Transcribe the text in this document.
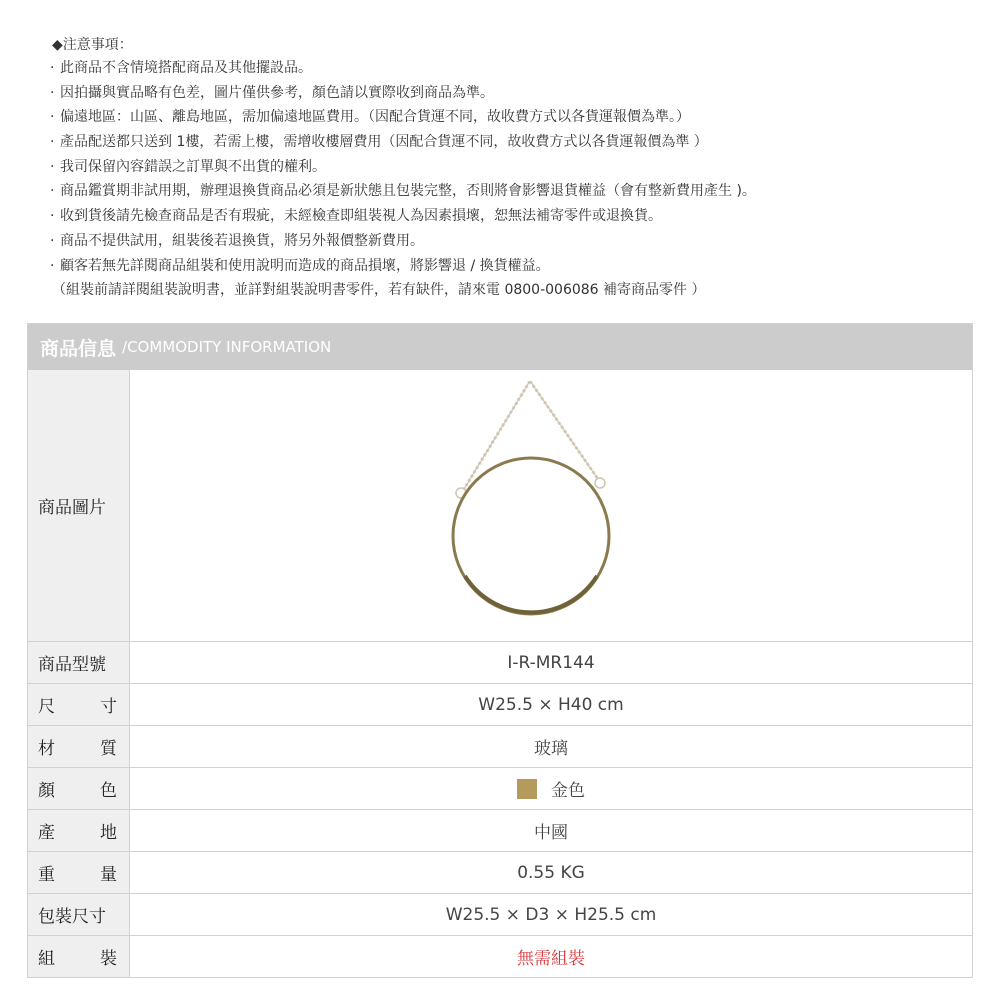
◆注意事項：
· 此商品不含情境搭配商品及其他擺設品。
· 因拍攝與實品略有色差，圖片僅供參考，顏色請以實際收到商品為準。
· 偏遠地區：山區、離島地區，需加偏遠地區費用。（因配合貨運不同，故收費方式以各貨運報價為準。）
· 產品配送都只送到 1樓，若需上樓，需增收樓層費用（因配合貨運不同，故收費方式以各貨運報價為準 ）
· 我司保留內容錯誤之訂單與不出貨的權利。
· 商品鑑賞期非試用期，辦理退換貨商品必須是新狀態且包裝完整，否則將會影響退貨權益（會有整新費用產生 )。
· 收到貨後請先檢查商品是否有瑕疵，未經檢查即組裝視人為因素損壞，恕無法補寄零件或退換貨。
· 商品不提供試用，組裝後若退換貨，將另外報價整新費用。
· 顧客若無先詳閱商品組裝和使用說明而造成的商品損壞，將影響退 / 換貨權益。
（組裝前請詳閱組裝說明書，並詳對組裝說明書零件，若有缺件，請來電 0800-006086 補寄商品零件 ）
商品信息 /COMMODITY INFORMATION
商品圖片
商品型號	I-R-MR144
尺	寸	W25.5 × H40 cm
材	質	玻璃
顏	色	金色
產	地	中國
重	量	0.55 KG
包裝尺寸	W25.5 × D3 × H25.5 cm
組	裝	無需組裝
